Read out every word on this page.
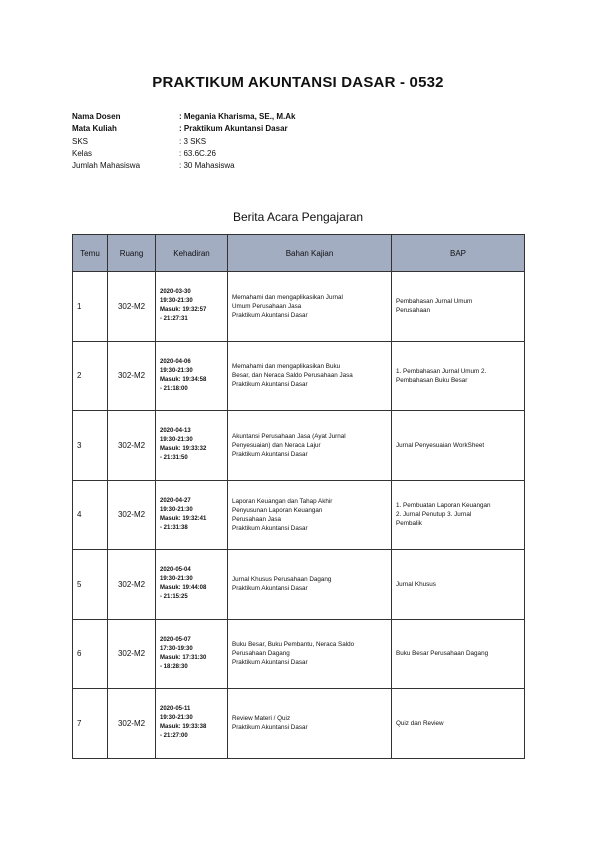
PRAKTIKUM AKUNTANSI DASAR - 0532
Nama Dosen	: Megania Kharisma, SE., M.Ak
Mata Kuliah	: Praktikum Akuntansi Dasar
SKS	: 3 SKS
Kelas	: 63.6C.26
Jumlah Mahasiswa	: 30 Mahasiswa
Berita Acara Pengajaran
Temu	Ruang	Kehadiran	Bahan Kajian	BAP
1	302-M2	2020-03-30
19:30-21:30
Masuk: 19:32:57
- 21:27:31	Memahami dan mengaplikasikan Jurnal
Umum Perusahaan Jasa
Praktikum Akuntansi Dasar	Pembahasan Jurnal Umum
Perusahaan

2	302-M2	2020-04-06
19:30-21:30
Masuk: 19:34:58
- 21:18:00	Memahami dan mengaplikasikan Buku
Besar, dan Neraca Saldo Perusahaan Jasa
Praktikum Akuntansi Dasar	1. Pembahasan Jurnal Umum 2.
Pembahasan Buku Besar

3	302-M2	2020-04-13
19:30-21:30
Masuk: 19:33:32
- 21:31:50	Akuntansi Perusahaan Jasa (Ayat Jurnal
Penyesuaian) dan Neraca Lajur
Praktikum Akuntansi Dasar	Jurnal Penyesuaian WorkSheet

4	302-M2	2020-04-27
19:30-21:30
Masuk: 19:32:41
- 21:31:38	Laporan Keuangan dan Tahap Akhir
Penyusunan Laporan Keuangan
Perusahaan Jasa
Praktikum Akuntansi Dasar	1. Pembuatan Laporan Keuangan
2. Jurnal Penutup 3. Jurnal
Pembalik

5	302-M2	2020-05-04
19:30-21:30
Masuk: 19:44:08
- 21:15:25	Jurnal Khusus Perusahaan Dagang
Praktikum Akuntansi Dasar	Jurnal Khusus

6	302-M2	2020-05-07
17:30-19:30
Masuk: 17:31:30
- 18:28:30	Buku Besar, Buku Pembantu, Neraca Saldo
Perusahaan Dagang
Praktikum Akuntansi Dasar	Buku Besar Perusahaan Dagang

7	302-M2	2020-05-11
19:30-21:30
Masuk: 19:33:38
- 21:27:00	Review Materi / Quiz
Praktikum Akuntansi Dasar	Quiz dan Review
